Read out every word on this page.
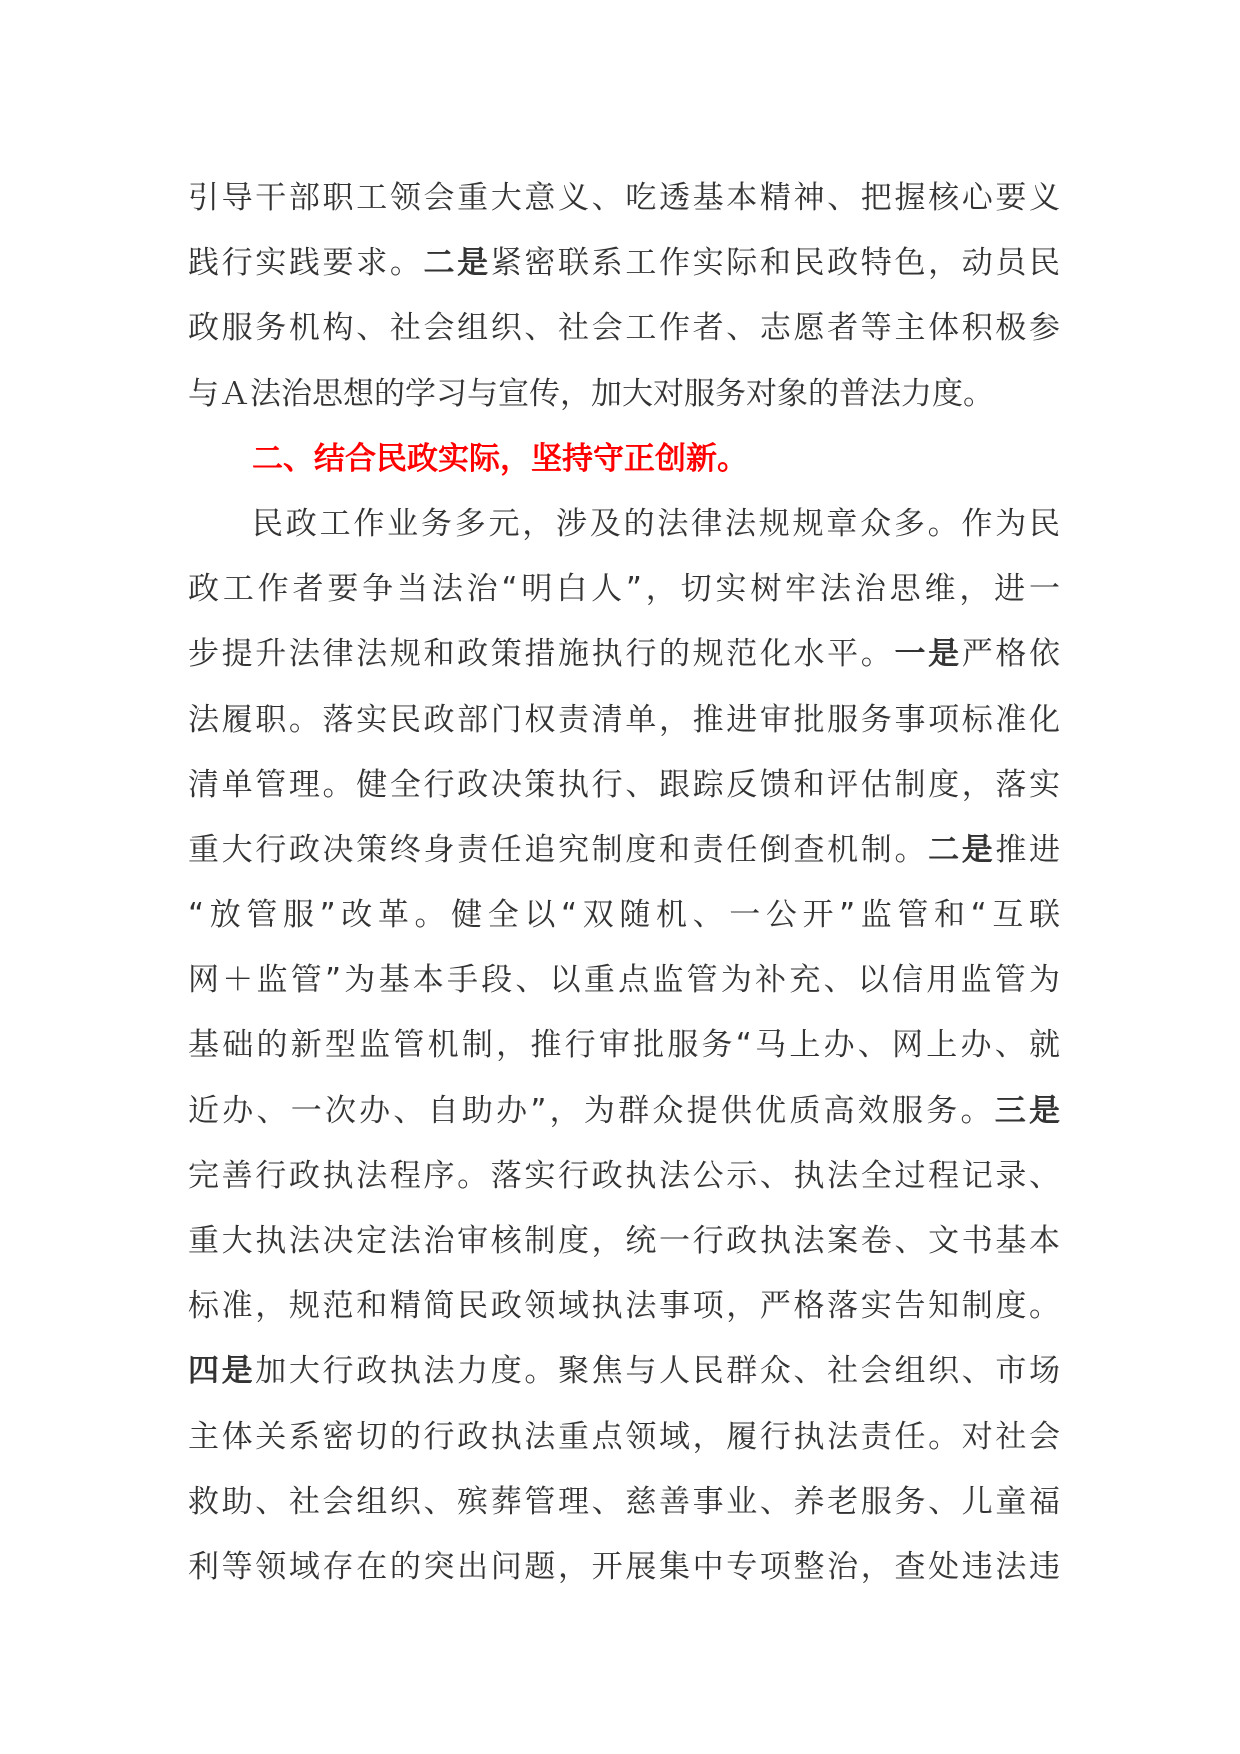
引导干部职工领会重大意义、吃透基本精神、把握核心要义
践行实践要求。二是紧密联系工作实际和民政特色，动员民
政服务机构、社会组织、社会工作者、志愿者等主体积极参
与Ａ法治思想的学习与宣传，加大对服务对象的普法力度。
二、结合民政实际，坚持守正创新。
民政工作业务多元，涉及的法律法规规章众多。作为民
政工作者要争当法治“明白人”，切实树牢法治思维，进一
步提升法律法规和政策措施执行的规范化水平。一是严格依
法履职。落实民政部门权责清单，推进审批服务事项标准化
清单管理。健全行政决策执行、跟踪反馈和评估制度，落实
重大行政决策终身责任追究制度和责任倒查机制。二是推进
“放管服”改革。健全以“双随机、一公开”监管和“互联
网＋监管”为基本手段、以重点监管为补充、以信用监管为
基础的新型监管机制，推行审批服务“马上办、网上办、就
近办、一次办、自助办”，为群众提供优质高效服务。三是
完善行政执法程序。落实行政执法公示、执法全过程记录、
重大执法决定法治审核制度，统一行政执法案卷、文书基本
标准，规范和精简民政领域执法事项，严格落实告知制度。
四是加大行政执法力度。聚焦与人民群众、社会组织、市场
主体关系密切的行政执法重点领域，履行执法责任。对社会
救助、社会组织、殡葬管理、慈善事业、养老服务、儿童福
利等领域存在的突出问题，开展集中专项整治，查处违法违
